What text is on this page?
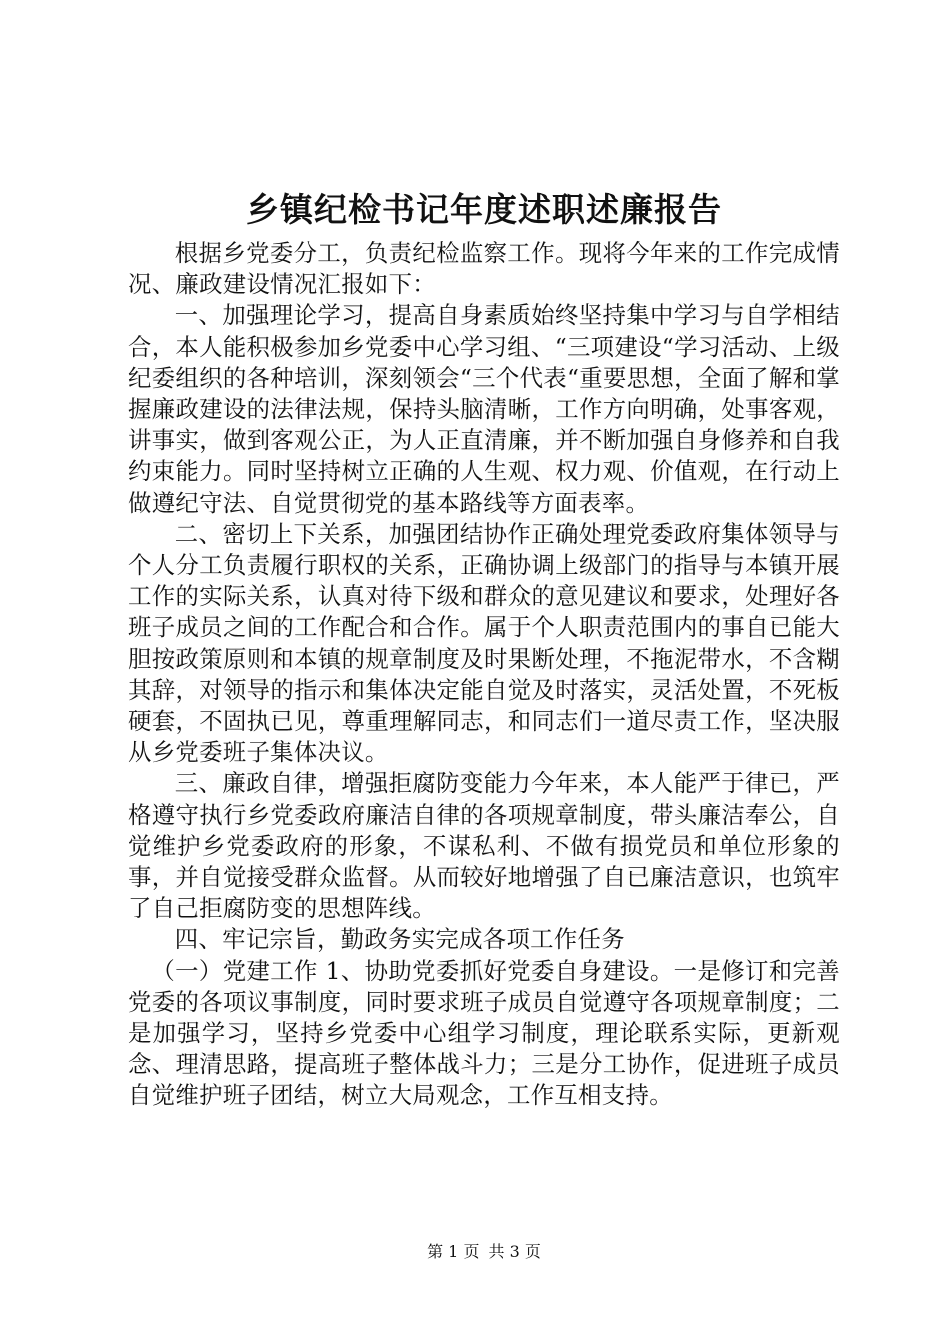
乡镇纪检书记年度述职述廉报告

根据乡党委分工，负责纪检监察工作。现将今年来的工作完成情况、廉政建设情况汇报如下：

一、加强理论学习，提高自身素质始终坚持集中学习与自学相结合，本人能积极参加乡党委中心学习组、“三项建设“学习活动、上级纪委组织的各种培训，深刻领会“三个代表“重要思想，全面了解和掌握廉政建设的法律法规，保持头脑清晰，工作方向明确，处事客观，讲事实，做到客观公正，为人正直清廉，并不断加强自身修养和自我约束能力。同时坚持树立正确的人生观、权力观、价值观，在行动上做遵纪守法、自觉贯彻党的基本路线等方面表率。

二、密切上下关系，加强团结协作正确处理党委政府集体领导与个人分工负责履行职权的关系，正确协调上级部门的指导与本镇开展工作的实际关系，认真对待下级和群众的意见建议和要求，处理好各班子成员之间的工作配合和合作。属于个人职责范围内的事自已能大胆按政策原则和本镇的规章制度及时果断处理，不拖泥带水，不含糊其辞，对领导的指示和集体决定能自觉及时落实，灵活处置，不死板硬套，不固执已见，尊重理解同志，和同志们一道尽责工作，坚决服从乡党委班子集体决议。

三、廉政自律，增强拒腐防变能力今年来，本人能严于律已，严格遵守执行乡党委政府廉洁自律的各项规章制度，带头廉洁奉公，自觉维护乡党委政府的形象，不谋私利、不做有损党员和单位形象的事，并自觉接受群众监督。从而较好地增强了自已廉洁意识，也筑牢了自己拒腐防变的思想阵线。

四、牢记宗旨，勤政务实完成各项工作任务

（一）党建工作 1、协助党委抓好党委自身建设。一是修订和完善党委的各项议事制度，同时要求班子成员自觉遵守各项规章制度；二是加强学习，坚持乡党委中心组学习制度，理论联系实际，更新观念、理清思路，提高班子整体战斗力；三是分工协作，促进班子成员自觉维护班子团结，树立大局观念，工作互相支持。

第 1 页 共 3 页
